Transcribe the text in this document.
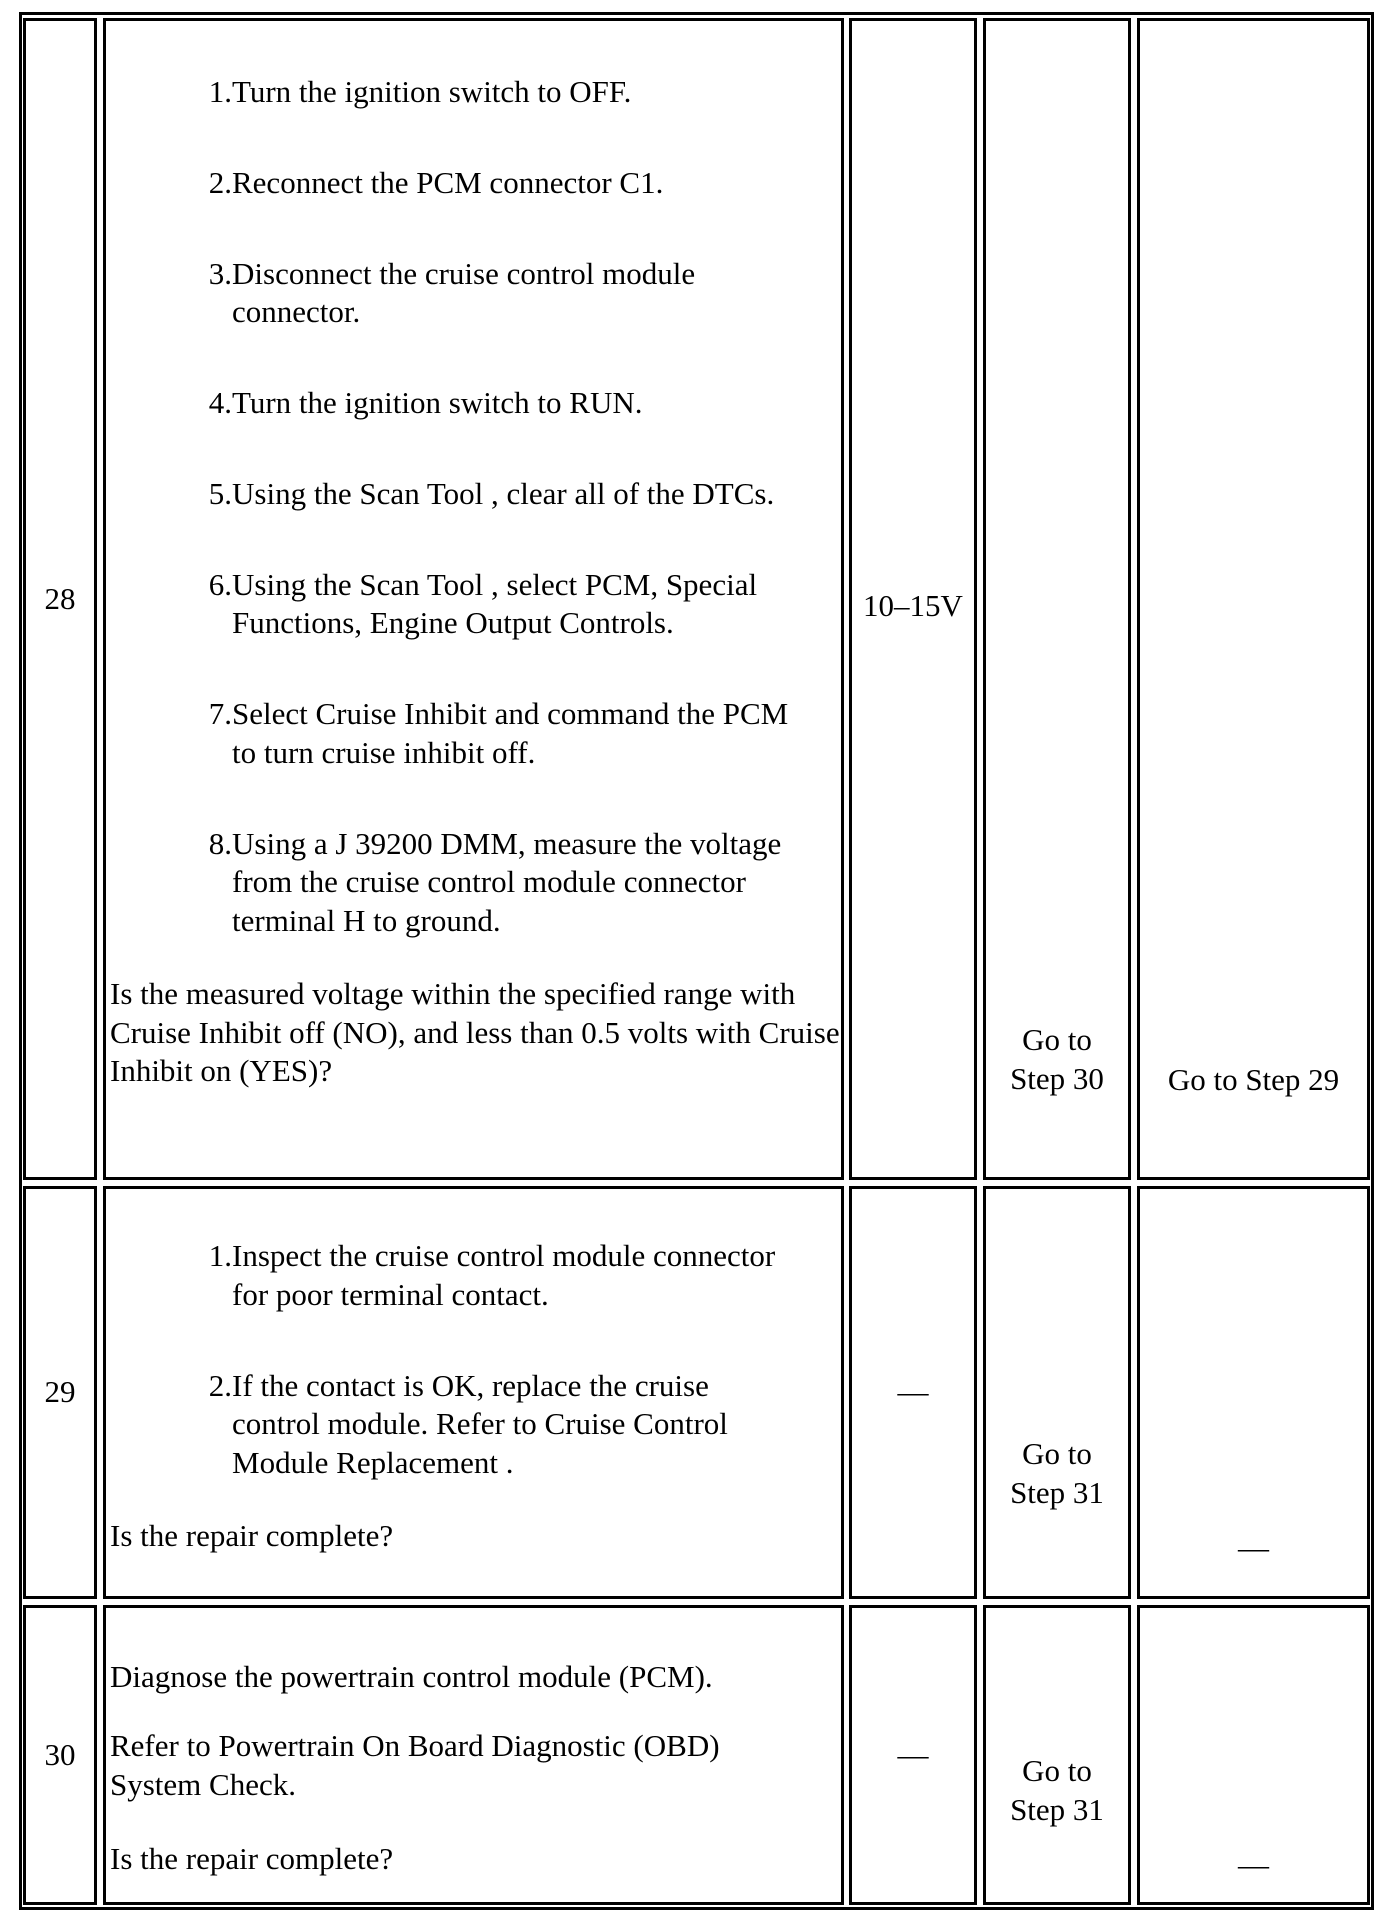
28
1. Turn the ignition switch to OFF.
2. Reconnect the PCM connector C1.
3. Disconnect the cruise control module connector.
4. Turn the ignition switch to RUN.
5. Using the Scan Tool , clear all of the DTCs.
6. Using the Scan Tool , select PCM, Special Functions, Engine Output Controls.
7. Select Cruise Inhibit and command the PCM to turn cruise inhibit off.
8. Using a J 39200 DMM, measure the voltage from the cruise control module connector terminal H to ground.

Is the measured voltage within the specified range with Cruise Inhibit off (NO), and less than 0.5 volts with Cruise Inhibit on (YES)?

10–15V
Go to Step 30	Go to Step 29
29
1. Inspect the cruise control module connector for poor terminal contact.
2. If the contact is OK, replace the cruise control module. Refer to Cruise Control Module Replacement .

Is the repair complete?

—
Go to Step 31
—
30

Diagnose the powertrain control module (PCM).

Refer to Powertrain On Board Diagnostic (OBD) System Check.

Is the repair complete?

—	Go to Step 31
—
